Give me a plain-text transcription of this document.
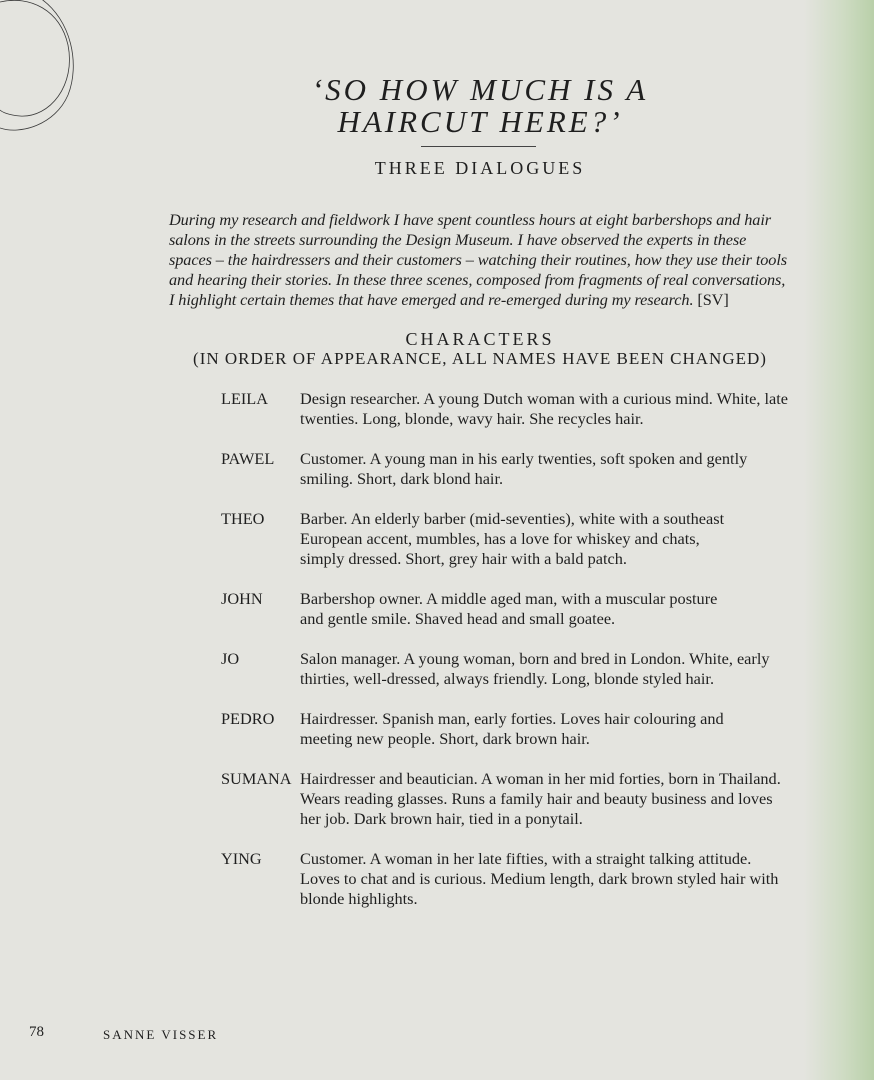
‘SO HOW MUCH IS A
HAIRCUT HERE?’
THREE DIALOGUES

During my research and fieldwork I have spent countless hours at eight barbershops and hair salons in the streets surrounding the Design Museum. I have observed the experts in these spaces – the hairdressers and their customers – watching their routines, how they use their tools and hearing their stories. In these three scenes, composed from fragments of real conversations, I highlight certain themes that have emerged and re-emerged during my research. [SV]

CHARACTERS
(IN ORDER OF APPEARANCE, ALL NAMES HAVE BEEN CHANGED)
LEILA	Design researcher. A young Dutch woman with a curious mind. White, late twenties. Long, blonde, wavy hair. She recycles hair.
PAWEL	Customer. A young man in his early twenties, soft spoken and gently smiling. Short, dark blond hair.
THEO	Barber. An elderly barber (mid-seventies), white with a southeast European accent, mumbles, has a love for whiskey and chats, simply dressed. Short, grey hair with a bald patch.
JOHN	Barbershop owner. A middle aged man, with a muscular posture and gentle smile. Shaved head and small goatee.
JO	Salon manager. A young woman, born and bred in London. White, early thirties, well-dressed, always friendly. Long, blonde styled hair.
PEDRO	Hairdresser. Spanish man, early forties. Loves hair colouring and meeting new people. Short, dark brown hair.
SUMANA Hairdresser and beautician. A woman in her mid forties, born in Thailand. Wears reading glasses. Runs a family hair and beauty business and loves her job. Dark brown hair, tied in a ponytail.
YING	Customer. A woman in her late fifties, with a straight talking attitude. Loves to chat and is curious. Medium length, dark brown styled hair with blonde highlights.
78	SANNE VISSER
